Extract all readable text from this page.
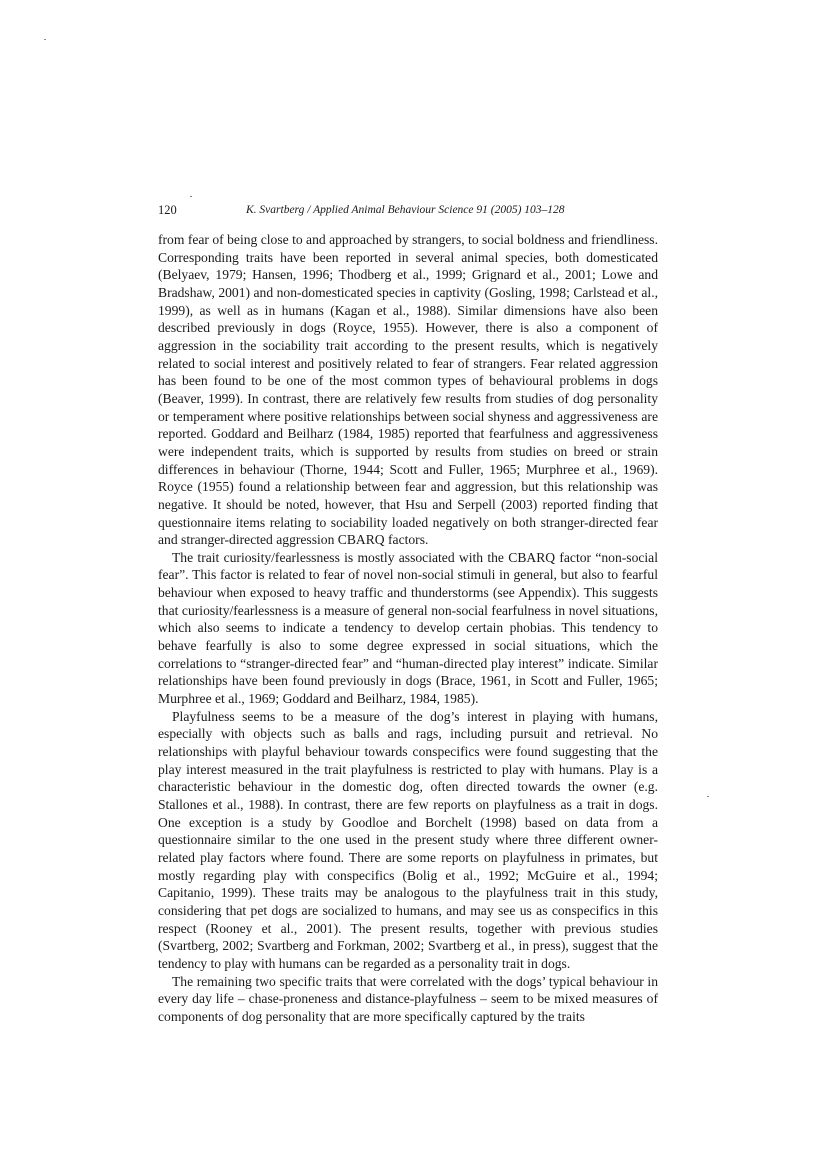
120	K. Svartberg / Applied Animal Behaviour Science 91 (2005) 103–128

from fear of being close to and approached by strangers, to social boldness and friendliness. Corresponding traits have been reported in several animal species, both domesticated (Belyaev, 1979; Hansen, 1996; Thodberg et al., 1999; Grignard et al., 2001; Lowe and Bradshaw, 2001) and non-domesticated species in captivity (Gosling, 1998; Carlstead et al., 1999), as well as in humans (Kagan et al., 1988). Similar dimensions have also been described previously in dogs (Royce, 1955). However, there is also a component of aggression in the sociability trait according to the present results, which is negatively related to social interest and positively related to fear of strangers. Fear related aggression has been found to be one of the most common types of behavioural problems in dogs (Beaver, 1999). In contrast, there are relatively few results from studies of dog personality or temperament where positive relationships between social shyness and aggressiveness are reported. Goddard and Beilharz (1984, 1985) reported that fearfulness and aggressiveness were independent traits, which is supported by results from studies on breed or strain differences in behaviour (Thorne, 1944; Scott and Fuller, 1965; Murphree et al., 1969). Royce (1955) found a relationship between fear and aggression, but this relationship was negative. It should be noted, however, that Hsu and Serpell (2003) reported finding that questionnaire items relating to sociability loaded negatively on both stranger-directed fear and stranger-directed aggression CBARQ factors.

The trait curiosity/fearlessness is mostly associated with the CBARQ factor “non-social fear”. This factor is related to fear of novel non-social stimuli in general, but also to fearful behaviour when exposed to heavy traffic and thunderstorms (see Appendix). This suggests that curiosity/fearlessness is a measure of general non-social fearfulness in novel situations, which also seems to indicate a tendency to develop certain phobias. This tendency to behave fearfully is also to some degree expressed in social situations, which the correlations to “stranger-directed fear” and “human-directed play interest” indicate. Similar relationships have been found previously in dogs (Brace, 1961, in Scott and Fuller, 1965; Murphree et al., 1969; Goddard and Beilharz, 1984, 1985).

Playfulness seems to be a measure of the dog’s interest in playing with humans, especially with objects such as balls and rags, including pursuit and retrieval. No relationships with playful behaviour towards conspecifics were found suggesting that the play interest measured in the trait playfulness is restricted to play with humans. Play is a characteristic behaviour in the domestic dog, often directed towards the owner (e.g. Stallones et al., 1988). In contrast, there are few reports on playfulness as a trait in dogs. One exception is a study by Goodloe and Borchelt (1998) based on data from a questionnaire similar to the one used in the present study where three different owner-related play factors where found. There are some reports on playfulness in primates, but mostly regarding play with conspecifics (Bolig et al., 1992; McGuire et al., 1994; Capitanio, 1999). These traits may be analogous to the playfulness trait in this study, considering that pet dogs are socialized to humans, and may see us as conspecifics in this respect (Rooney et al., 2001). The present results, together with previous studies (Svartberg, 2002; Svartberg and Forkman, 2002; Svartberg et al., in press), suggest that the tendency to play with humans can be regarded as a personality trait in dogs.

The remaining two specific traits that were correlated with the dogs’ typical behaviour in every day life – chase-proneness and distance-playfulness – seem to be mixed measures of components of dog personality that are more specifically captured by the traits
